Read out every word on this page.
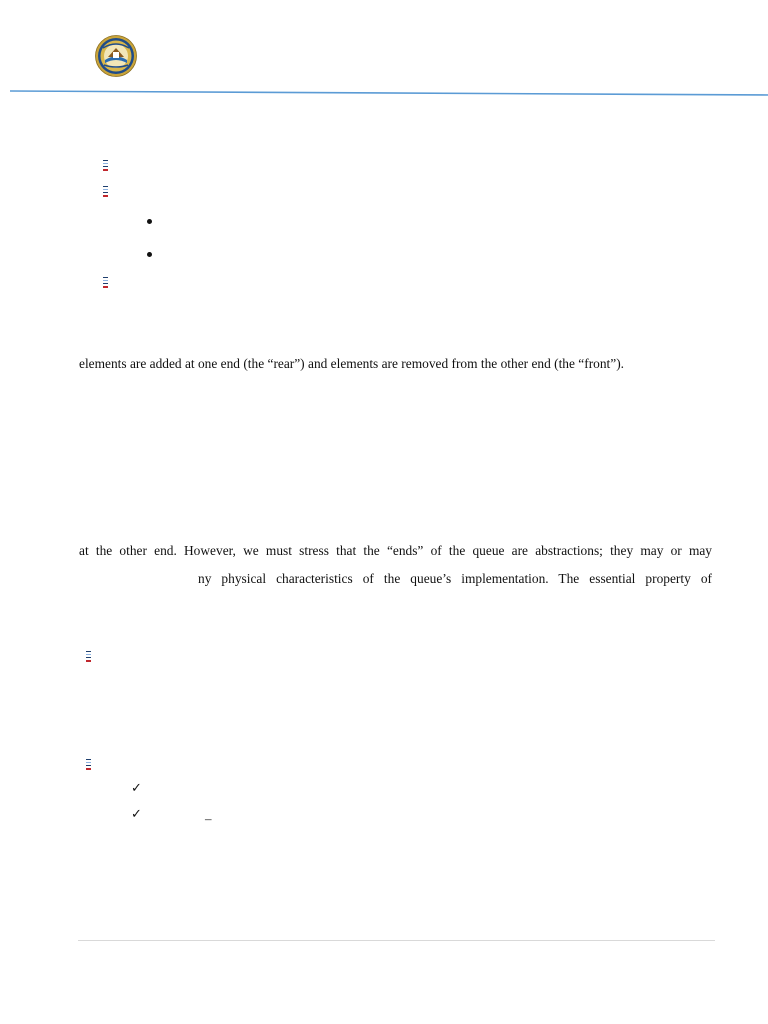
elements are added at one end (the “rear”) and elements are removed from the other end (the “front”).
at the other end. However, we must stress that the “ends” of the queue are abstractions; they may or may
ny physical characteristics of the queue’s implementation. The essential property of
✓
✓	–
